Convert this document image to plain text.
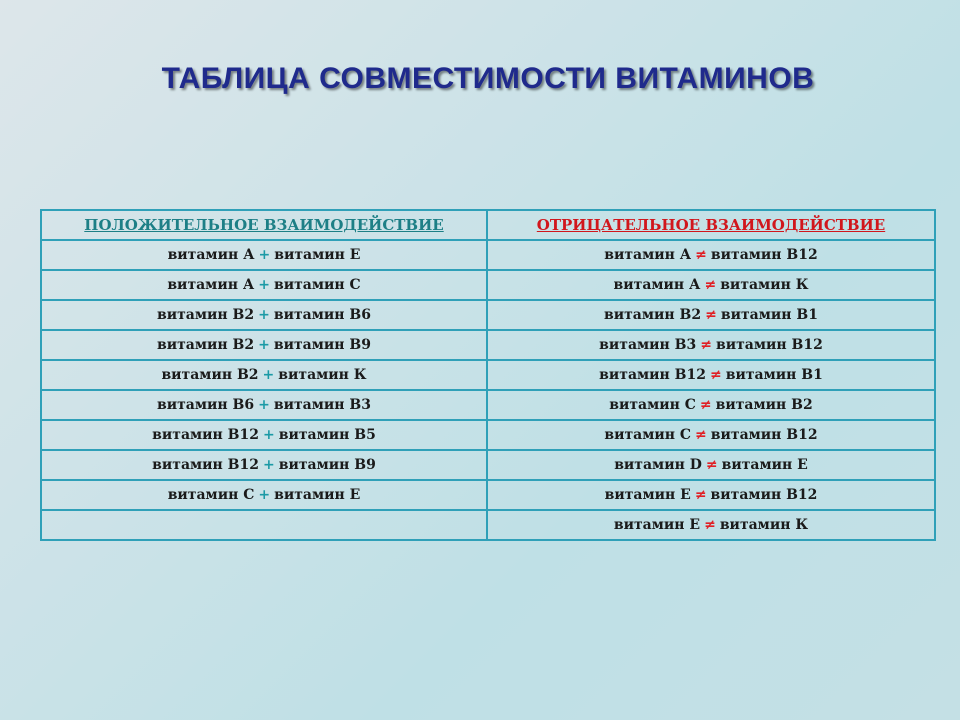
ТАБЛИЦА СОВМЕСТИМОСТИ ВИТАМИНОВ
ПОЛОЖИТЕЛЬНОЕ ВЗАИМОДЕЙСТВИЕ	ОТРИЦАТЕЛЬНОЕ ВЗАИМОДЕЙСТВИЕ
витамин А + витамин Е	витамин А ≠ витамин В12
витамин А + витамин С	витамин А ≠ витамин К
витамин В2 + витамин В6	витамин В2 ≠ витамин В1
витамин В2 + витамин В9	витамин В3 ≠ витамин В12
витамин В2 + витамин К	витамин В12 ≠ витамин В1
витамин В6 + витамин В3	витамин С ≠ витамин В2
витамин В12 + витамин В5	витамин С ≠ витамин В12
витамин В12 + витамин В9	витамин D ≠ витамин Е
витамин С + витамин Е	витамин Е ≠ витамин В12
	витамин Е ≠ витамин К
